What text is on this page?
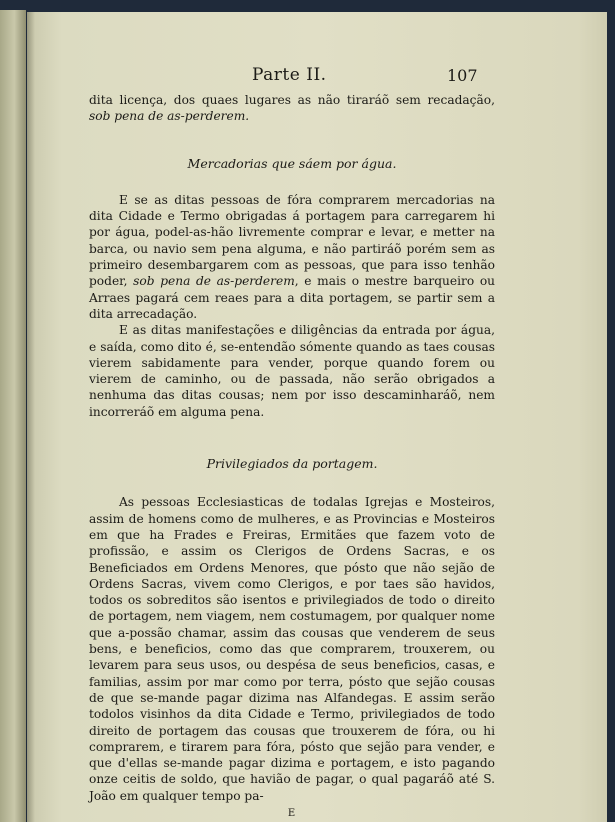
Parte II.	107

dita licença, dos quaes lugares as não tiraráõ sem recadação, sob pena de as-perderem.

Mercadorias que sáem por água.

E se as ditas pessoas de fóra comprarem mercadorias na dita Cidade e Termo obrigadas á portagem para carregarem hi por água, podel-as-hão livremente comprar e levar, e metter na barca, ou navio sem pena alguma, e não partiráõ porém sem as primeiro desembargarem com as pessoas, que para isso tenhão poder, sob pena de as-perderem, e mais o mestre barqueiro ou Arraes pagará cem reaes para a dita portagem, se partir sem a dita arrecadação.

E as ditas manifestações e diligências da entrada por água, e saída, como dito é, se-entendão sómente quando as taes cousas vierem sabidamente para vender, porque quando forem ou vierem de caminho, ou de passada, não serão obrigados a nenhuma das ditas cousas; nem por isso descaminharáõ, nem incorreráõ em alguma pena.

Privilegiados da portagem.

As pessoas Ecclesiasticas de todalas Igrejas e Mosteiros, assim de homens como de mulheres, e as Provincias e Mosteiros em que ha Frades e Freiras, Ermitães que fazem voto de profissão, e assim os Clerigos de Ordens Sacras, e os Beneficiados em Ordens Menores, que pósto que não sejão de Ordens Sacras, vivem como Clerigos, e por taes são havidos, todos os sobreditos são isentos e privilegiados de todo o direito de portagem, nem viagem, nem costumagem, por qualquer nome que a-possão chamar, assim das cousas que venderem de seus bens, e beneficios, como das que comprarem, trouxerem, ou levarem para seus usos, ou despésa de seus beneficios, casas, e familias, assim por mar como por terra, pósto que sejão cousas de que se-mande pagar dizima nas Alfandegas. E assim serão todolos visinhos da dita Cidade e Termo, privilegiados de todo direito de portagem das cousas que trouxerem de fóra, ou hi comprarem, e tirarem para fóra, pósto que sejão para vender, e que d'ellas se-mande pagar dizima e portagem, e isto pagando onze ceitis de soldo, que havião de pagar, o qual pagaráõ até S. João em qualquer tempo pa-

E
